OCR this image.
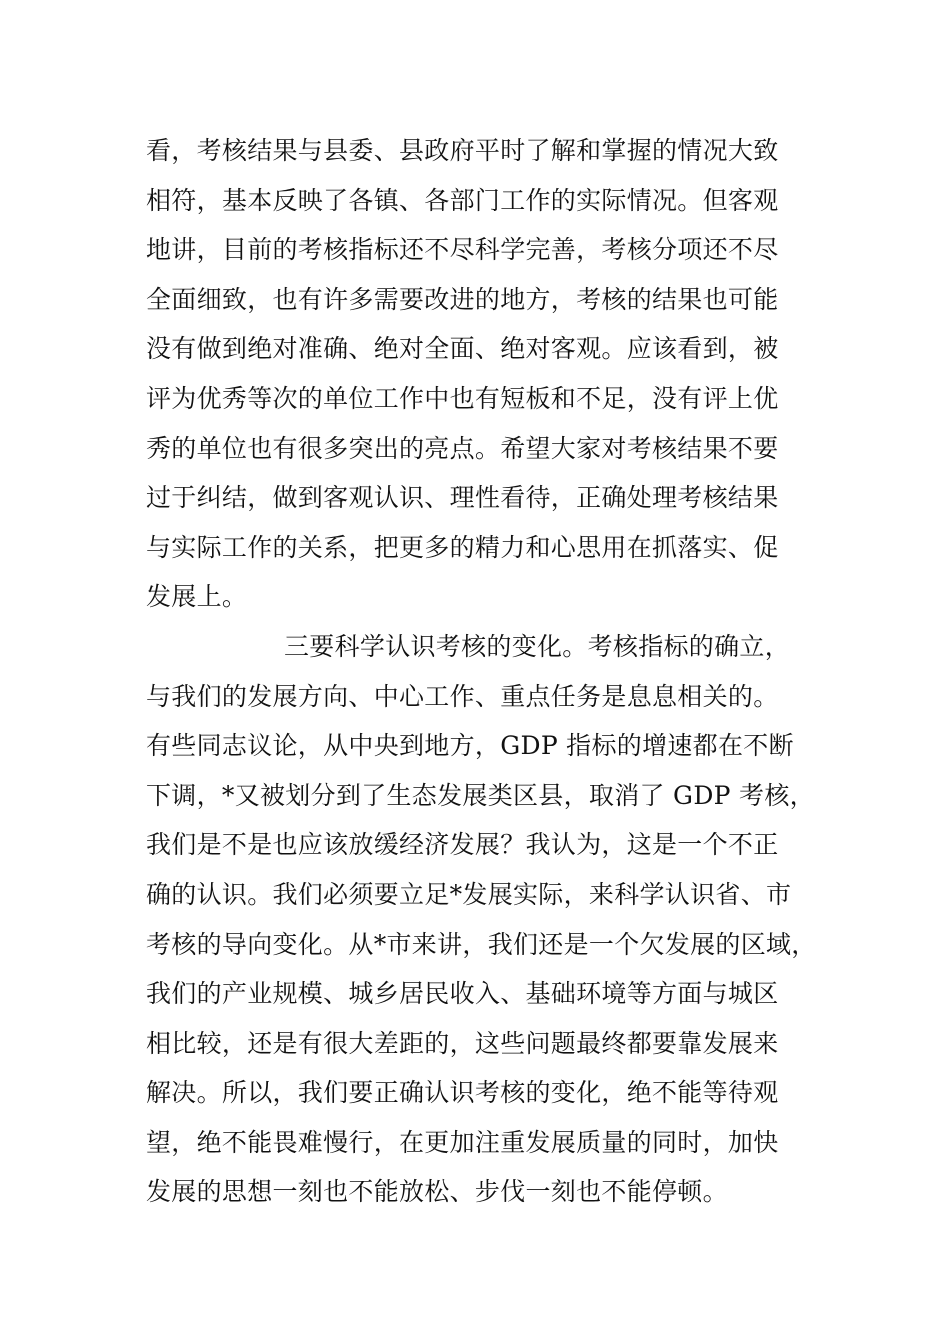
看，考核结果与县委、县政府平时了解和掌握的情况大致
相符，基本反映了各镇、各部门工作的实际情况。但客观
地讲，目前的考核指标还不尽科学完善，考核分项还不尽
全面细致，也有许多需要改进的地方，考核的结果也可能
没有做到绝对准确、绝对全面、绝对客观。应该看到，被
评为优秀等次的单位工作中也有短板和不足，没有评上优
秀的单位也有很多突出的亮点。希望大家对考核结果不要
过于纠结，做到客观认识、理性看待，正确处理考核结果
与实际工作的关系，把更多的精力和心思用在抓落实、促
发展上。
三要科学认识考核的变化。考核指标的确立，
与我们的发展方向、中心工作、重点任务是息息相关的。
有些同志议论，从中央到地方，GDP 指标的增速都在不断
下调，*又被划分到了生态发展类区县，取消了 GDP 考核，
我们是不是也应该放缓经济发展？我认为，这是一个不正
确的认识。我们必须要立足*发展实际，来科学认识省、市
考核的导向变化。从*市来讲，我们还是一个欠发展的区域，
我们的产业规模、城乡居民收入、基础环境等方面与城区
相比较，还是有很大差距的，这些问题最终都要靠发展来
解决。所以，我们要正确认识考核的变化，绝不能等待观
望，绝不能畏难慢行，在更加注重发展质量的同时，加快
发展的思想一刻也不能放松、步伐一刻也不能停顿。
